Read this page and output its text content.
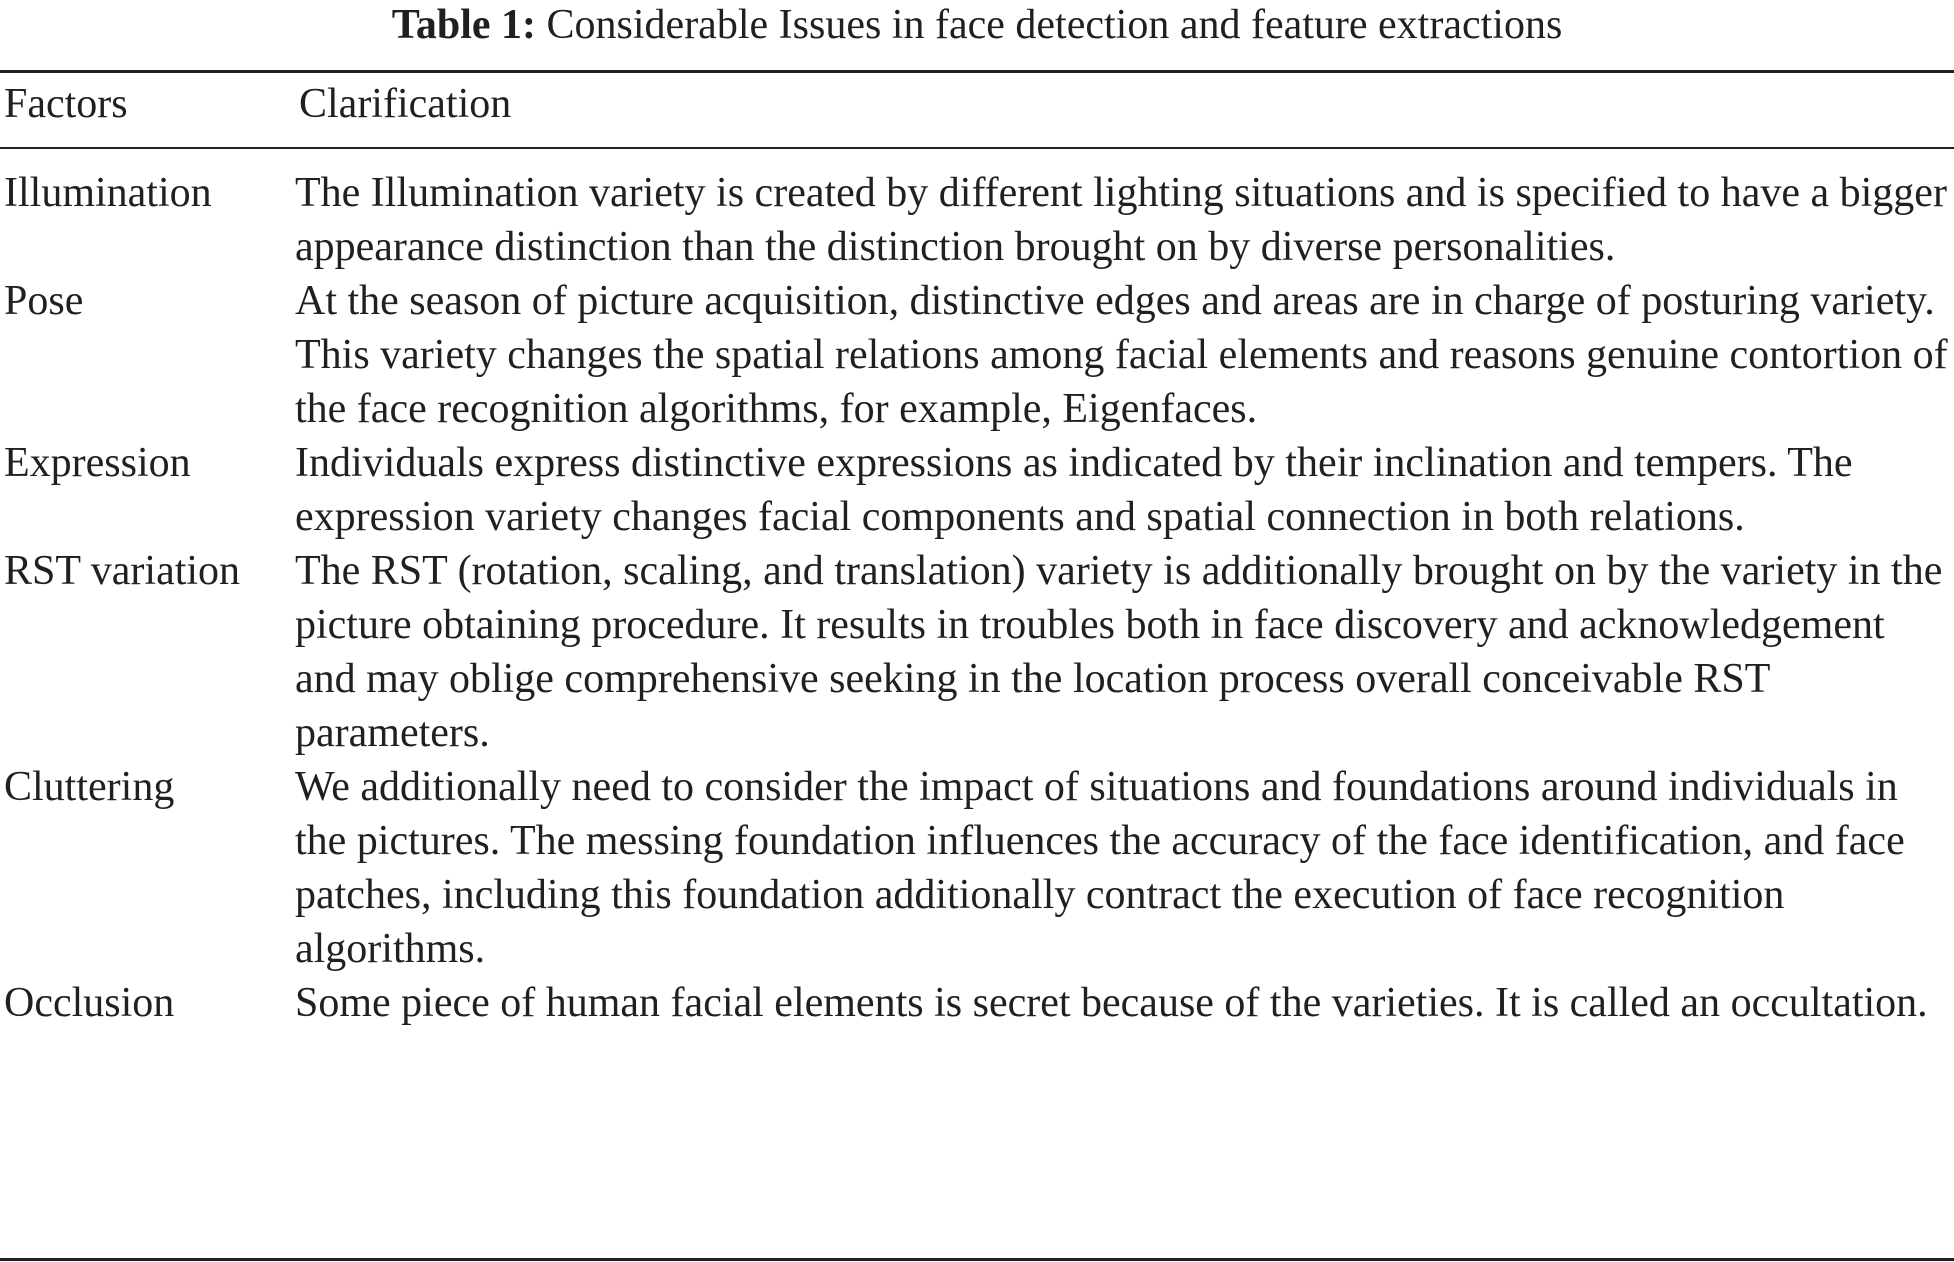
Table 1: Considerable Issues in face detection and feature extractions
Factors	Clarification
Illumination	The Illumination variety is created by different lighting situations and is specified to have a bigger appearance distinction than the distinction brought on by diverse personalities.
Pose	At the season of picture acquisition, distinctive edges and areas are in charge of posturing variety. This variety changes the spatial relations among facial elements and reasons genuine contortion of the face recognition algorithms, for example, Eigenfaces.
Expression	Individuals express distinctive expressions as indicated by their inclination and tempers. The expression variety changes facial components and spatial connection in both relations.
RST variation	The RST (rotation, scaling, and translation) variety is additionally brought on by the variety in the picture obtaining procedure. It results in troubles both in face discovery and acknowledgement and may oblige comprehensive seeking in the location process overall conceivable RST parameters.
Cluttering	We additionally need to consider the impact of situations and foundations around individuals in the pictures. The messing foundation influences the accuracy of the face identification, and face patches, including this foundation additionally contract the execution of face recognition algorithms.
Occlusion	Some piece of human facial elements is secret because of the varieties. It is called an occultation.
